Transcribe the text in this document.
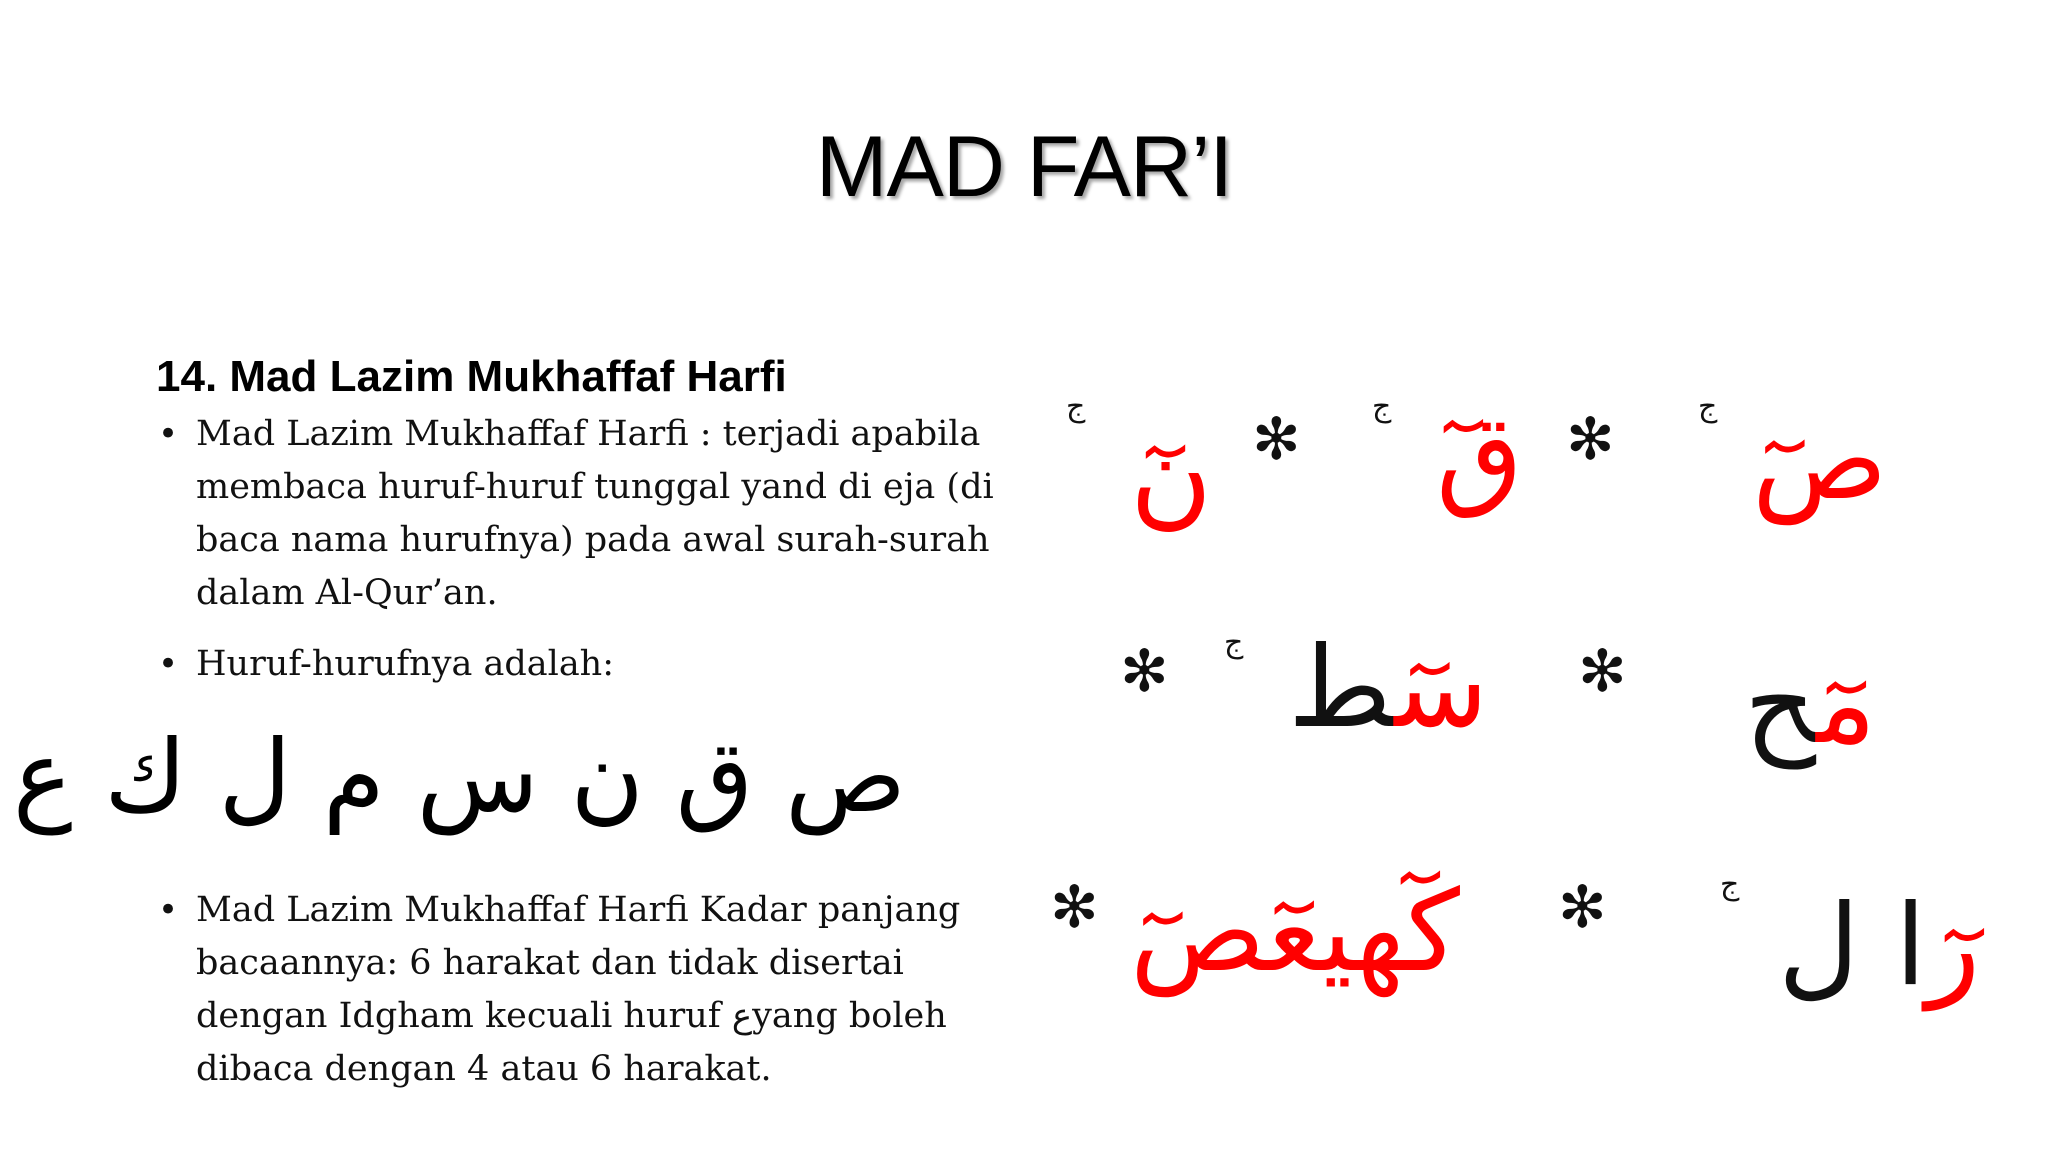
MAD FAR’I
14. Mad Lazim Mukhaffaf Harfi
• Mad Lazim Mukhaffaf Harfi : terjadi apabila membaca huruf-huruf tunggal yand di eja (di baca nama hurufnya) pada awal surah-surah dalam Al-Qur’an.
• Huruf-hurufnya adalah:
ص ق ن س م ل ك ع
• Mad Lazim Mukhaffaf Harfi Kadar panjang bacaannya: 6 harakat dan tidak disertai dengan Idgham kecuali huruf عyang boleh dibaca dengan 4 atau 6 harakat.
ج
نٓ ✻ ج قٓ ✻	ج صٓ
✻ ج	سٓط	✻	مٓح
✻ كٓهيعٓصٓ ✻	ج	رٓا ل
